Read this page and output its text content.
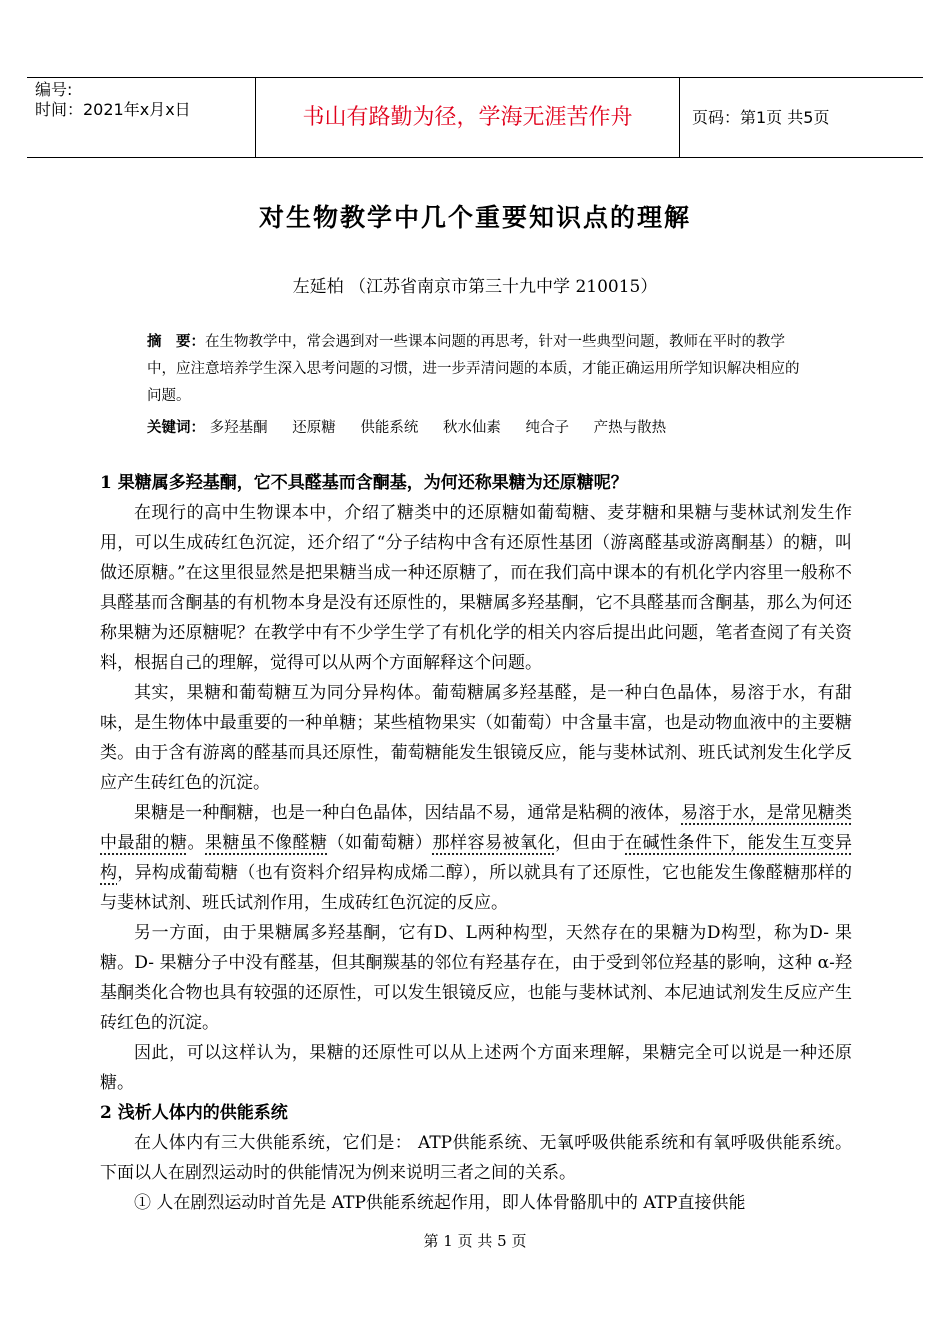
编号:
时间：2021年x月x日	书山有路勤为径，学海无涯苦作舟	页码：第1页 共5页
对生物教学中几个重要知识点的理解
左延柏 （江苏省南京市第三十九中学 210015）
摘　要：在生物教学中，常会遇到对一些课本问题的再思考，针对一些典型问题，教师在平时的教学中，应注意培养学生深入思考问题的习惯，进一步弄清问题的本质，才能正确运用所学知识解决相应的问题。
关键词： 多羟基酮 还原糖 供能系统 秋水仙素 纯合子 产热与散热
1 果糖属多羟基酮，它不具醛基而含酮基，为何还称果糖为还原糖呢？

在现行的高中生物课本中，介绍了糖类中的还原糖如葡萄糖、麦芽糖和果糖与斐林试剂发生作用，可以生成砖红色沉淀，还介绍了“分子结构中含有还原性基团（游离醛基或游离酮基）的糖，叫做还原糖。”在这里很显然是把果糖当成一种还原糖了，而在我们高中课本的有机化学内容里一般称不具醛基而含酮基的有机物本身是没有还原性的，果糖属多羟基酮，它不具醛基而含酮基，那么为何还称果糖为还原糖呢？在教学中有不少学生学了有机化学的相关内容后提出此问题，笔者查阅了有关资料，根据自己的理解，觉得可以从两个方面解释这个问题。

其实，果糖和葡萄糖互为同分异构体。葡萄糖属多羟基醛，是一种白色晶体，易溶于水，有甜味，是生物体中最重要的一种单糖；某些植物果实（如葡萄）中含量丰富，也是动物血液中的主要糖类。由于含有游离的醛基而具还原性，葡萄糖能发生银镜反应，能与斐林试剂、班氏试剂发生化学反应产生砖红色的沉淀。

果糖是一种酮糖，也是一种白色晶体，因结晶不易，通常是粘稠的液体，易溶于水，是常见糖类中最甜的糖。果糖虽不像醛糖（如葡萄糖）那样容易被氧化，但由于在碱性条件下，能发生互变异构，异构成葡萄糖（也有资料介绍异构成烯二醇），所以就具有了还原性，它也能发生像醛糖那样的与斐林试剂、班氏试剂作用，生成砖红色沉淀的反应。

另一方面，由于果糖属多羟基酮，它有D、L两种构型，天然存在的果糖为D构型，称为D- 果糖。D- 果糖分子中没有醛基，但其酮羰基的邻位有羟基存在，由于受到邻位羟基的影响，这种 α-羟基酮类化合物也具有较强的还原性，可以发生银镜反应，也能与斐林试剂、本尼迪试剂发生反应产生砖红色的沉淀。

因此，可以这样认为，果糖的还原性可以从上述两个方面来理解，果糖完全可以说是一种还原糖。

2 浅析人体内的供能系统

在人体内有三大供能系统，它们是： ATP供能系统、无氧呼吸供能系统和有氧呼吸供能系统。下面以人在剧烈运动时的供能情况为例来说明三者之间的关系。

① 人在剧烈运动时首先是 ATP供能系统起作用，即人体骨骼肌中的 ATP直接供能

第 1 页 共 5 页
